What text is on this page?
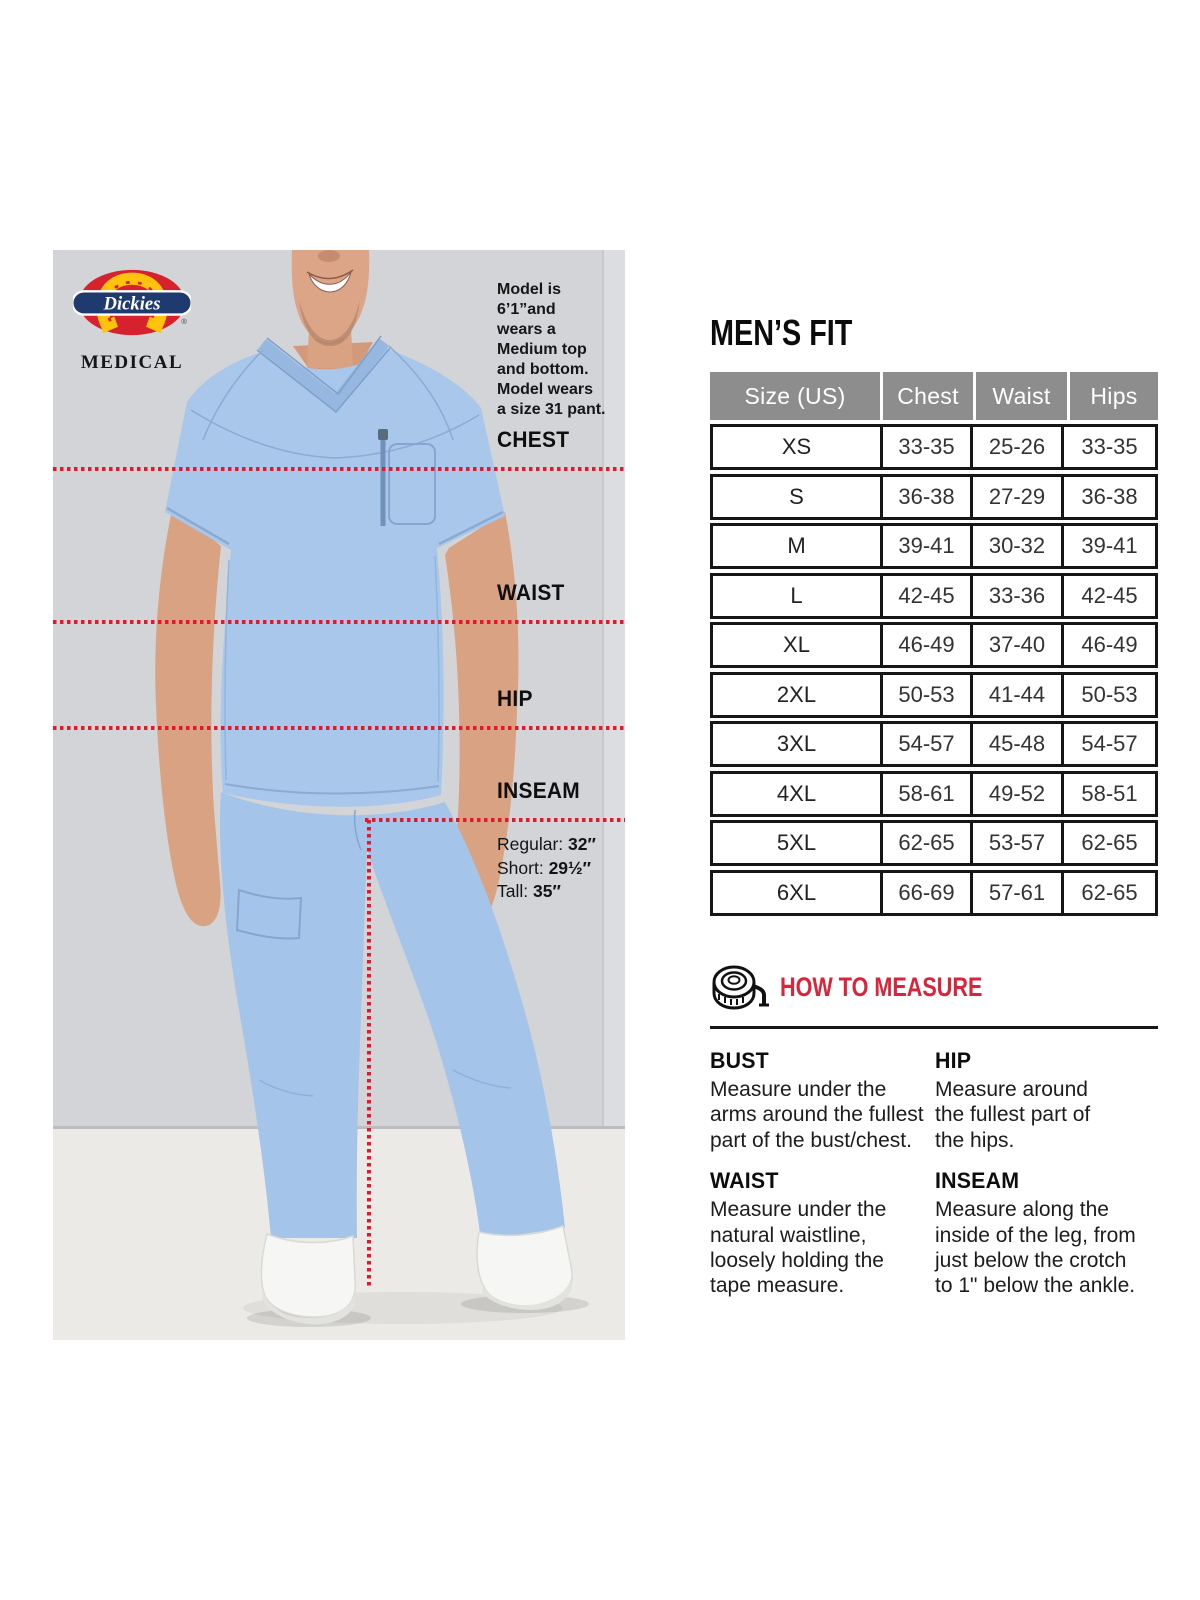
Dickies
®
MEDICAL
Model is
6’1”and
wears a
Medium top
and bottom.
Model wears
a size 31 pant.
CHEST
WAIST
HIP
INSEAM
Regular: 32″
Short: 29½″
Tall: 35″
MEN’S FIT
Size (US)	Chest	Waist	Hips
XS	33-35	25-26	33-35
S	36-38	27-29	36-38
M	39-41	30-32	39-41
L	42-45	33-36	42-45
XL	46-49	37-40	46-49
2XL	50-53	41-44	50-53
3XL	54-57	45-48	54-57
4XL	58-61	49-52	58-51
5XL	62-65	53-57	62-65
6XL	66-69	57-61	62-65
HOW TO MEASURE
BUST
Measure under the
arms around the fullest
part of the bust/chest.
WAIST
Measure under the
natural waistline,
loosely holding the
tape measure.
HIP
Measure around
the fullest part of
the hips.
INSEAM
Measure along the
inside of the leg, from
just below the crotch
to 1" below the ankle.
